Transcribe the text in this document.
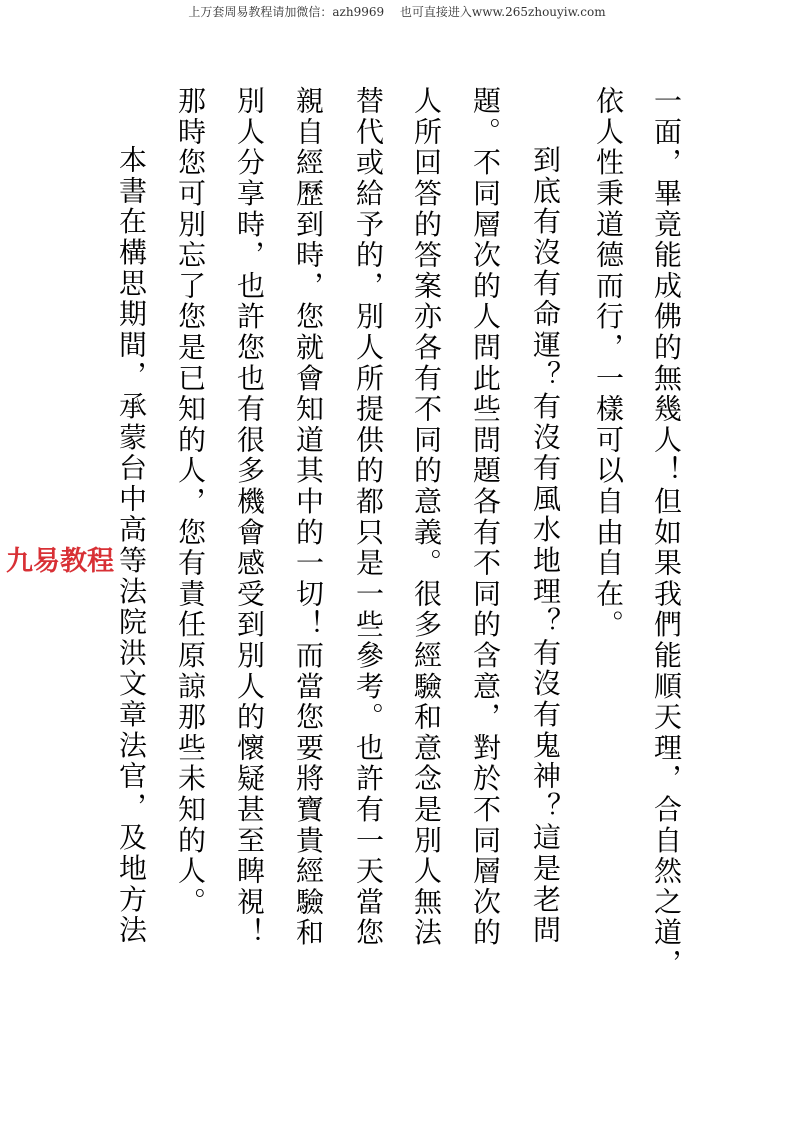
上万套周易教程请加微信：azh9969　 也可直接进入www.265zhouyiw.com
一面，畢竟能成佛的無幾人！但如果我們能順天理，合自然之道，
依人性秉道德而行，一樣可以自由自在。
到底有沒有命運？有沒有風水地理？有沒有鬼神？這是老問
題。不同層次的人問此些問題各有不同的含意，對於不同層次的
人所回答的答案亦各有不同的意義。很多經驗和意念是別人無法
替代或給予的，別人所提供的都只是一些參考。也許有一天當您
親自經歷到時，您就會知道其中的一切！而當您要將寶貴經驗和
別人分享時，也許您也有很多機會感受到別人的懷疑甚至睥視！
那時您可別忘了您是已知的人，您有責任原諒那些未知的人。
本書在構思期間，承蒙台中高等法院洪文章法官，及地方法
九易教程
